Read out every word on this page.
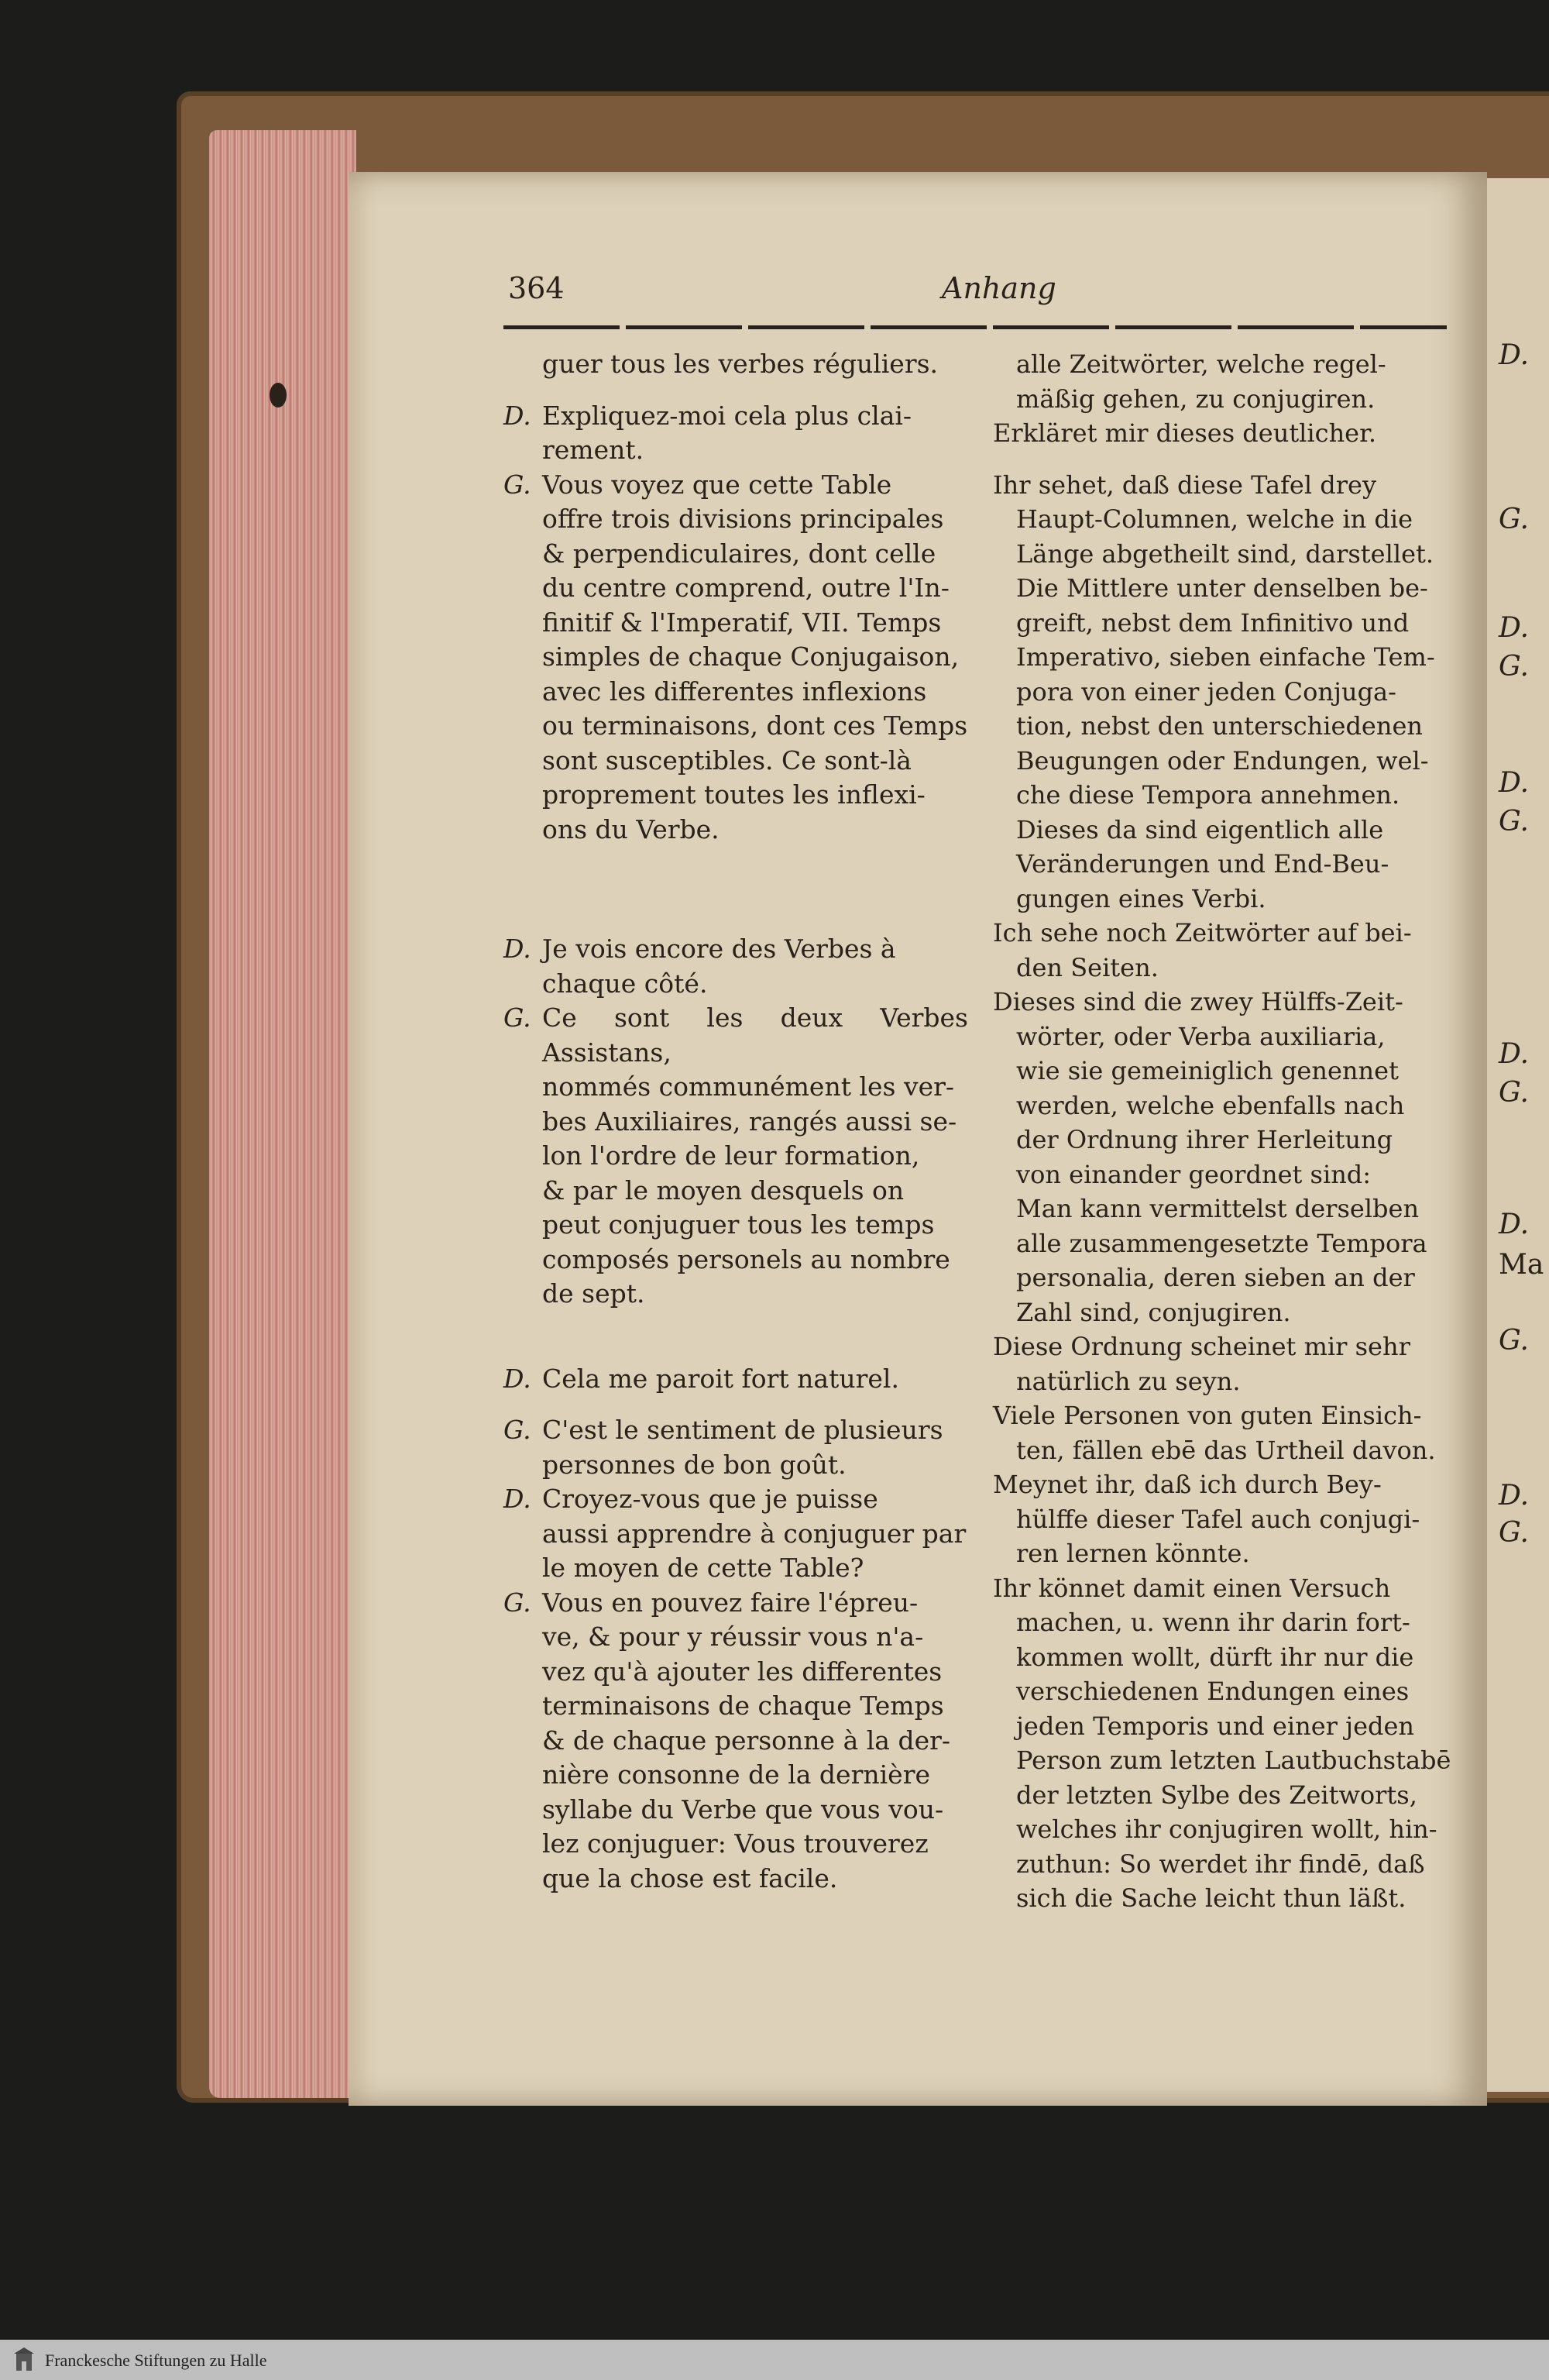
D.
G.
D.
G.
D.
G.
D.
G.
D.
Ma
G.
D.
G.
364	Anhang
guer tous les verbes réguliers.
D. Expliquez-moi cela plus clai-
rement.
G. Vous voyez que cette Table
offre trois divisions principales
& perpendiculaires, dont celle
du centre comprend, outre l'In-
finitif & l'Imperatif, VII. Temps
simples de chaque Conjugaison,
avec les differentes inflexions
ou terminaisons, dont ces Temps
sont susceptibles. Ce sont-là
proprement toutes les inflexi-
ons du Verbe.
D. Je vois encore des Verbes à
chaque côté.
G. Ce sont les deux Verbes Assistans,
nommés communément les ver-
bes Auxiliaires, rangés aussi se-
lon l'ordre de leur formation,
& par le moyen desquels on
peut conjuguer tous les temps
composés personels au nombre
de sept.
D. Cela me paroit fort naturel.
G. C'est le sentiment de plusieurs
personnes de bon goût.
D. Croyez-vous que je puisse
aussi apprendre à conjuguer par
le moyen de cette Table?
G. Vous en pouvez faire l'épreu-
ve, & pour y réussir vous n'a-
vez qu'à ajouter les differentes
terminaisons de chaque Temps
& de chaque personne à la der-
nière consonne de la dernière
syllabe du Verbe que vous vou-
lez conjuguer: Vous trouverez
que la chose est facile.
alle Zeitwörter, welche regel-
mäßig gehen, zu conjugiren.
Erkläret mir dieses deutlicher.
Ihr sehet, daß diese Tafel drey
Haupt-Columnen, welche in die
Länge abgetheilt sind, darstellet.
Die Mittlere unter denselben be-
greift, nebst dem Infinitivo und
Imperativo, sieben einfache Tem-
pora von einer jeden Conjuga-
tion, nebst den unterschiedenen
Beugungen oder Endungen, wel-
che diese Tempora annehmen.
Dieses da sind eigentlich alle
Veränderungen und End-Beu-
gungen eines Verbi.
Ich sehe noch Zeitwörter auf bei-
den Seiten.
Dieses sind die zwey Hülffs-Zeit-
wörter, oder Verba auxiliaria,
wie sie gemeiniglich genennet
werden, welche ebenfalls nach
der Ordnung ihrer Herleitung
von einander geordnet sind:
Man kann vermittelst derselben
alle zusammengesetzte Tempora
personalia, deren sieben an der
Zahl sind, conjugiren.
Diese Ordnung scheinet mir sehr
natürlich zu seyn.
Viele Personen von guten Einsich-
ten, fällen ebē das Urtheil davon.
Meynet ihr, daß ich durch Bey-
hülffe dieser Tafel auch conjugi-
ren lernen könnte.
Ihr könnet damit einen Versuch
machen, u. wenn ihr darin fort-
kommen wollt, dürft ihr nur die
verschiedenen Endungen eines
jeden Temporis und einer jeden
Person zum letzten Lautbuchstabē
der letzten Sylbe des Zeitworts,
welches ihr conjugiren wollt, hin-
zuthun: So werdet ihr findē, daß
sich die Sache leicht thun läßt.
Franckesche Stiftungen zu Halle
